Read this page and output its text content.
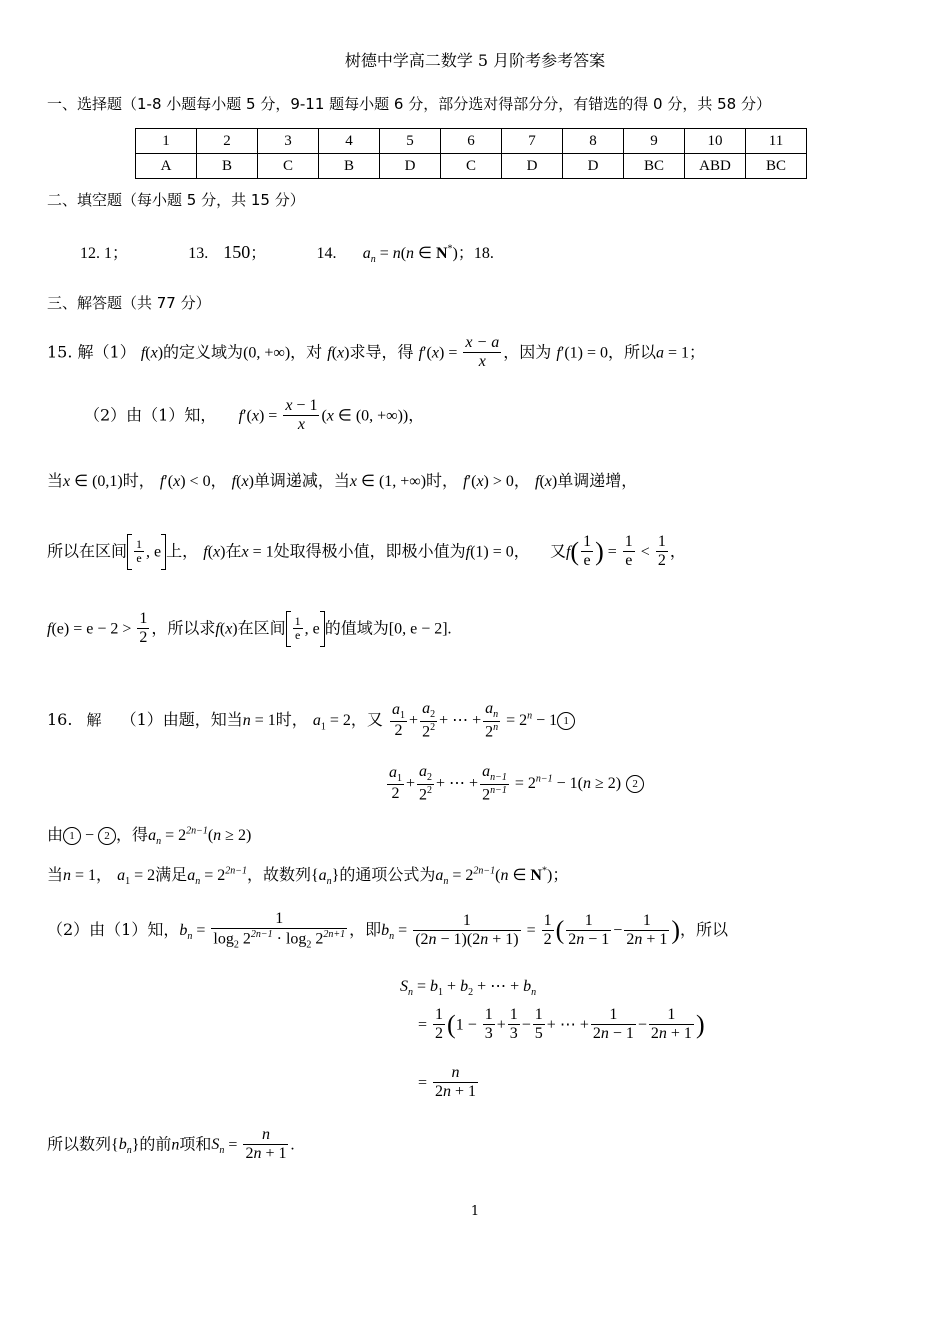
树德中学高二数学 5 月阶考参考答案
一、选择题（1-8 小题每小题 5 分，9-11 题每小题 6 分，部分选对得部分分，有错选的得 0 分，共 58 分）
1	2	3	4	5	6	7	8	9	10	11
A	B	C	B	D	C	D	D	BC	ABD	BC
二、填空题（每小题 5 分，共 15 分）
12. 1；	13. 150；	14. $a_n = n(n$ ∈ N*)；18.
三、解答题（共 77 分）
15. 解（1） f(x)的定义域为(0, +∞)，对 f(x)求导，得 $f'(x) = \frac{x - a}{x}$ ，因为 f′(1) = 0，所以a = 1；
（2）由（1）知， $f'(x) = \frac{x - 1}{x} (x$ ∈ (0, +∞))，
当x ∈ (0,1)时， f′(x) < 0， f(x)单调递减，当x ∈ (1, +∞)时， f′(x) > 0， f(x)单调递增，
所以在区间 $\frac{1}{e}$ , e 上， f(x)在x = 1处取得极小值，即极小值为f(1) = 0，  又$f( \frac{1}{e}$ ) = $\frac{1}{e} < \frac{1}{2}$ ，
$f(e) = e - 2 > \frac{1}{2}$ ，所以求f(x)在区间 $\frac{1}{e}$ , e 的值域为[0, e − 2].
16. 解 （1）由题，知当n = 1时， $a_1 = 2$，又 $\frac{a_1}{2} + \frac{a_2}{2^2}$ + ⋯ + $\frac{a_n}{2^n} = 2^n - 1$ 1
$\frac{a_1}{2} + \frac{a_2}{2^2}$ + ⋯ + $\frac{a_{n-1}}{2^{n-1}} = 2^{n-1} - 1(n \ge 2)$ 2
由 1 − 2 ，得$a_n = 2^{2n-1}(n \ge 2)$
当n = 1， $a_1 = 2$满足$a_n = 2^{2n-1}$，故数列$\{a_n\}$的通项公式为$a_n = 2^{2n-1}(n$ ∈ N*)；
（2）由（1）知，$b_n = \frac{1}{\log_2 2^{2n-1} \cdot \log_2 2^{2n+1}}$ ，即$b_n = \frac{1}{(2n - 1)(2n + 1)} = \frac{1}{2}$ ( $\frac{1}{2n - 1} - \frac{1}{2n + 1}$ )，所以
$S_n = b_1 + b_2$ + ⋯ + $b_n$
= $\frac{1}{2} (1 - \frac{1}{3} + \frac{1}{3} - \frac{1}{5}$ + ⋯ + $\frac{1}{2n - 1} - \frac{1}{2n + 1}$ )
= $\frac{n}{2n + 1}$
所以数列$\{b_n\}$的前n项和$S_n = \frac{n}{2n + 1}$ .
1
